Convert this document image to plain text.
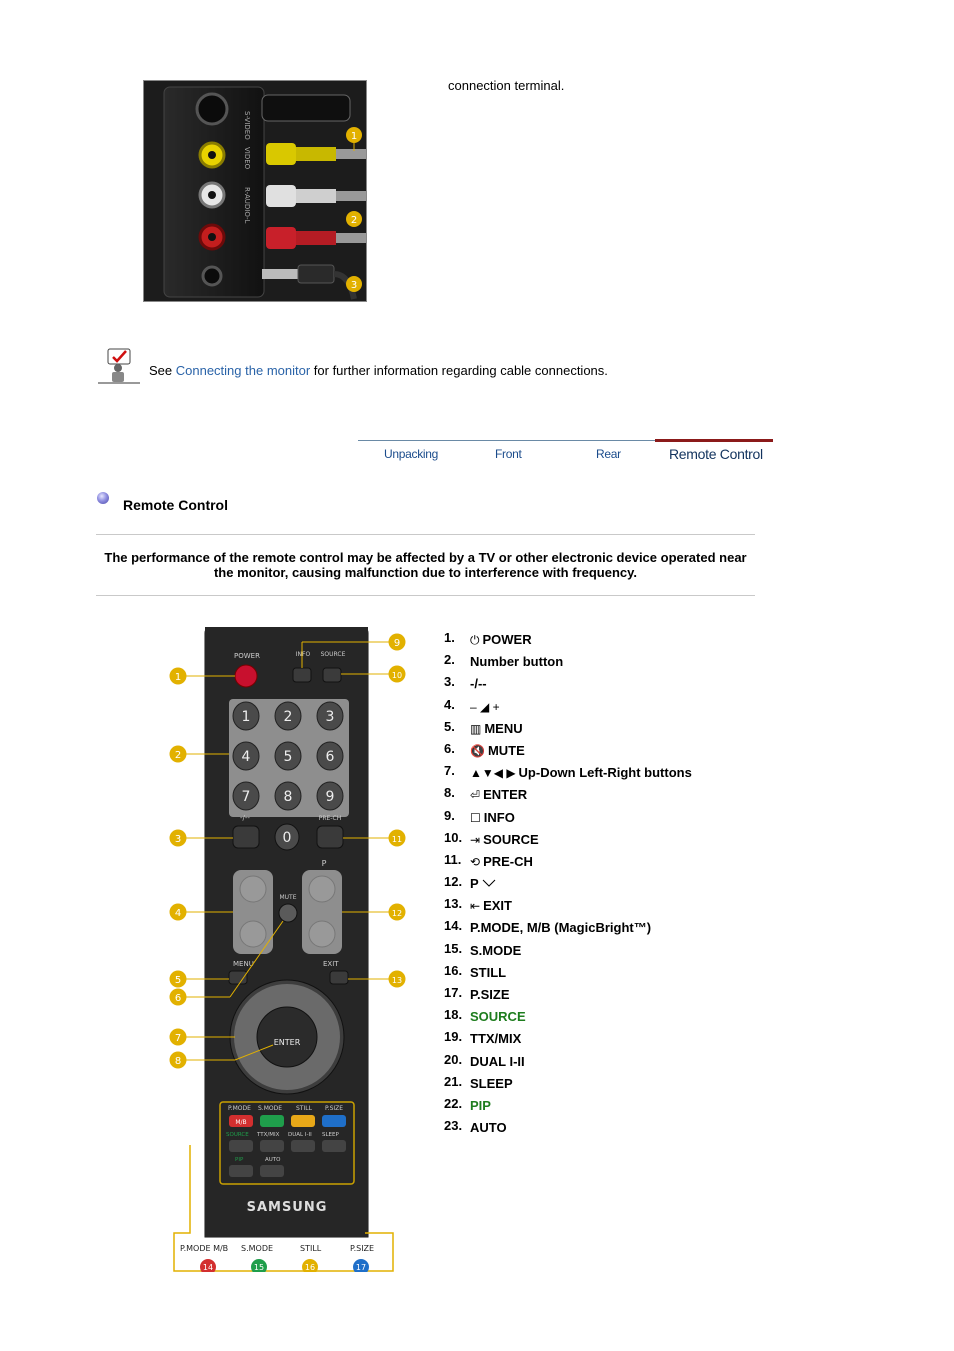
S-VIDEO
VIDEO
R-AUDIO-L
1
2
3
connection terminal.
See Connecting the monitor for further information regarding cable connections.
Unpacking	Front	Rear	Remote Control
Remote Control
The performance of the remote control may be affected by a TV or other electronic device operated near the monitor, causing malfunction due to interference with frequency.
POWER	INFO SOURCE
1 2 3
4 5 6
7 8 9
-/--	PRE-CH
0
P
MUTE
MENU	EXIT
ENTER
P.MODE S.MODE STILL P.SIZE
M/B
SOURCE TTX/MIX DUAL I-II SLEEP
PIP	AUTO
SAMSUNG
P.MODE M/B S.MODE	STILL	P.SIZE
14	15	16	17
1
2
3
4
5
6
7
8
9
10
11
12
13
1.	⏻ POWER
2.	Number button
3.	-/--
4.	– ◢ +
5.	▥ MENU
6.	🔇 MUTE
7.	▲▼◀ ▶ Up-Down Left-Right buttons
8.	⏎ ENTER
9.	☐ INFO
10. ⇥ SOURCE
11. ⟲ PRE-CH
12. P
13. ⇤ EXIT
14. P.MODE, M/B (MagicBright™)
15. S.MODE
16. STILL
17. P.SIZE
18. SOURCE
19. TTX/MIX
20. DUAL I-II
21. SLEEP
22. PIP
23. AUTO
